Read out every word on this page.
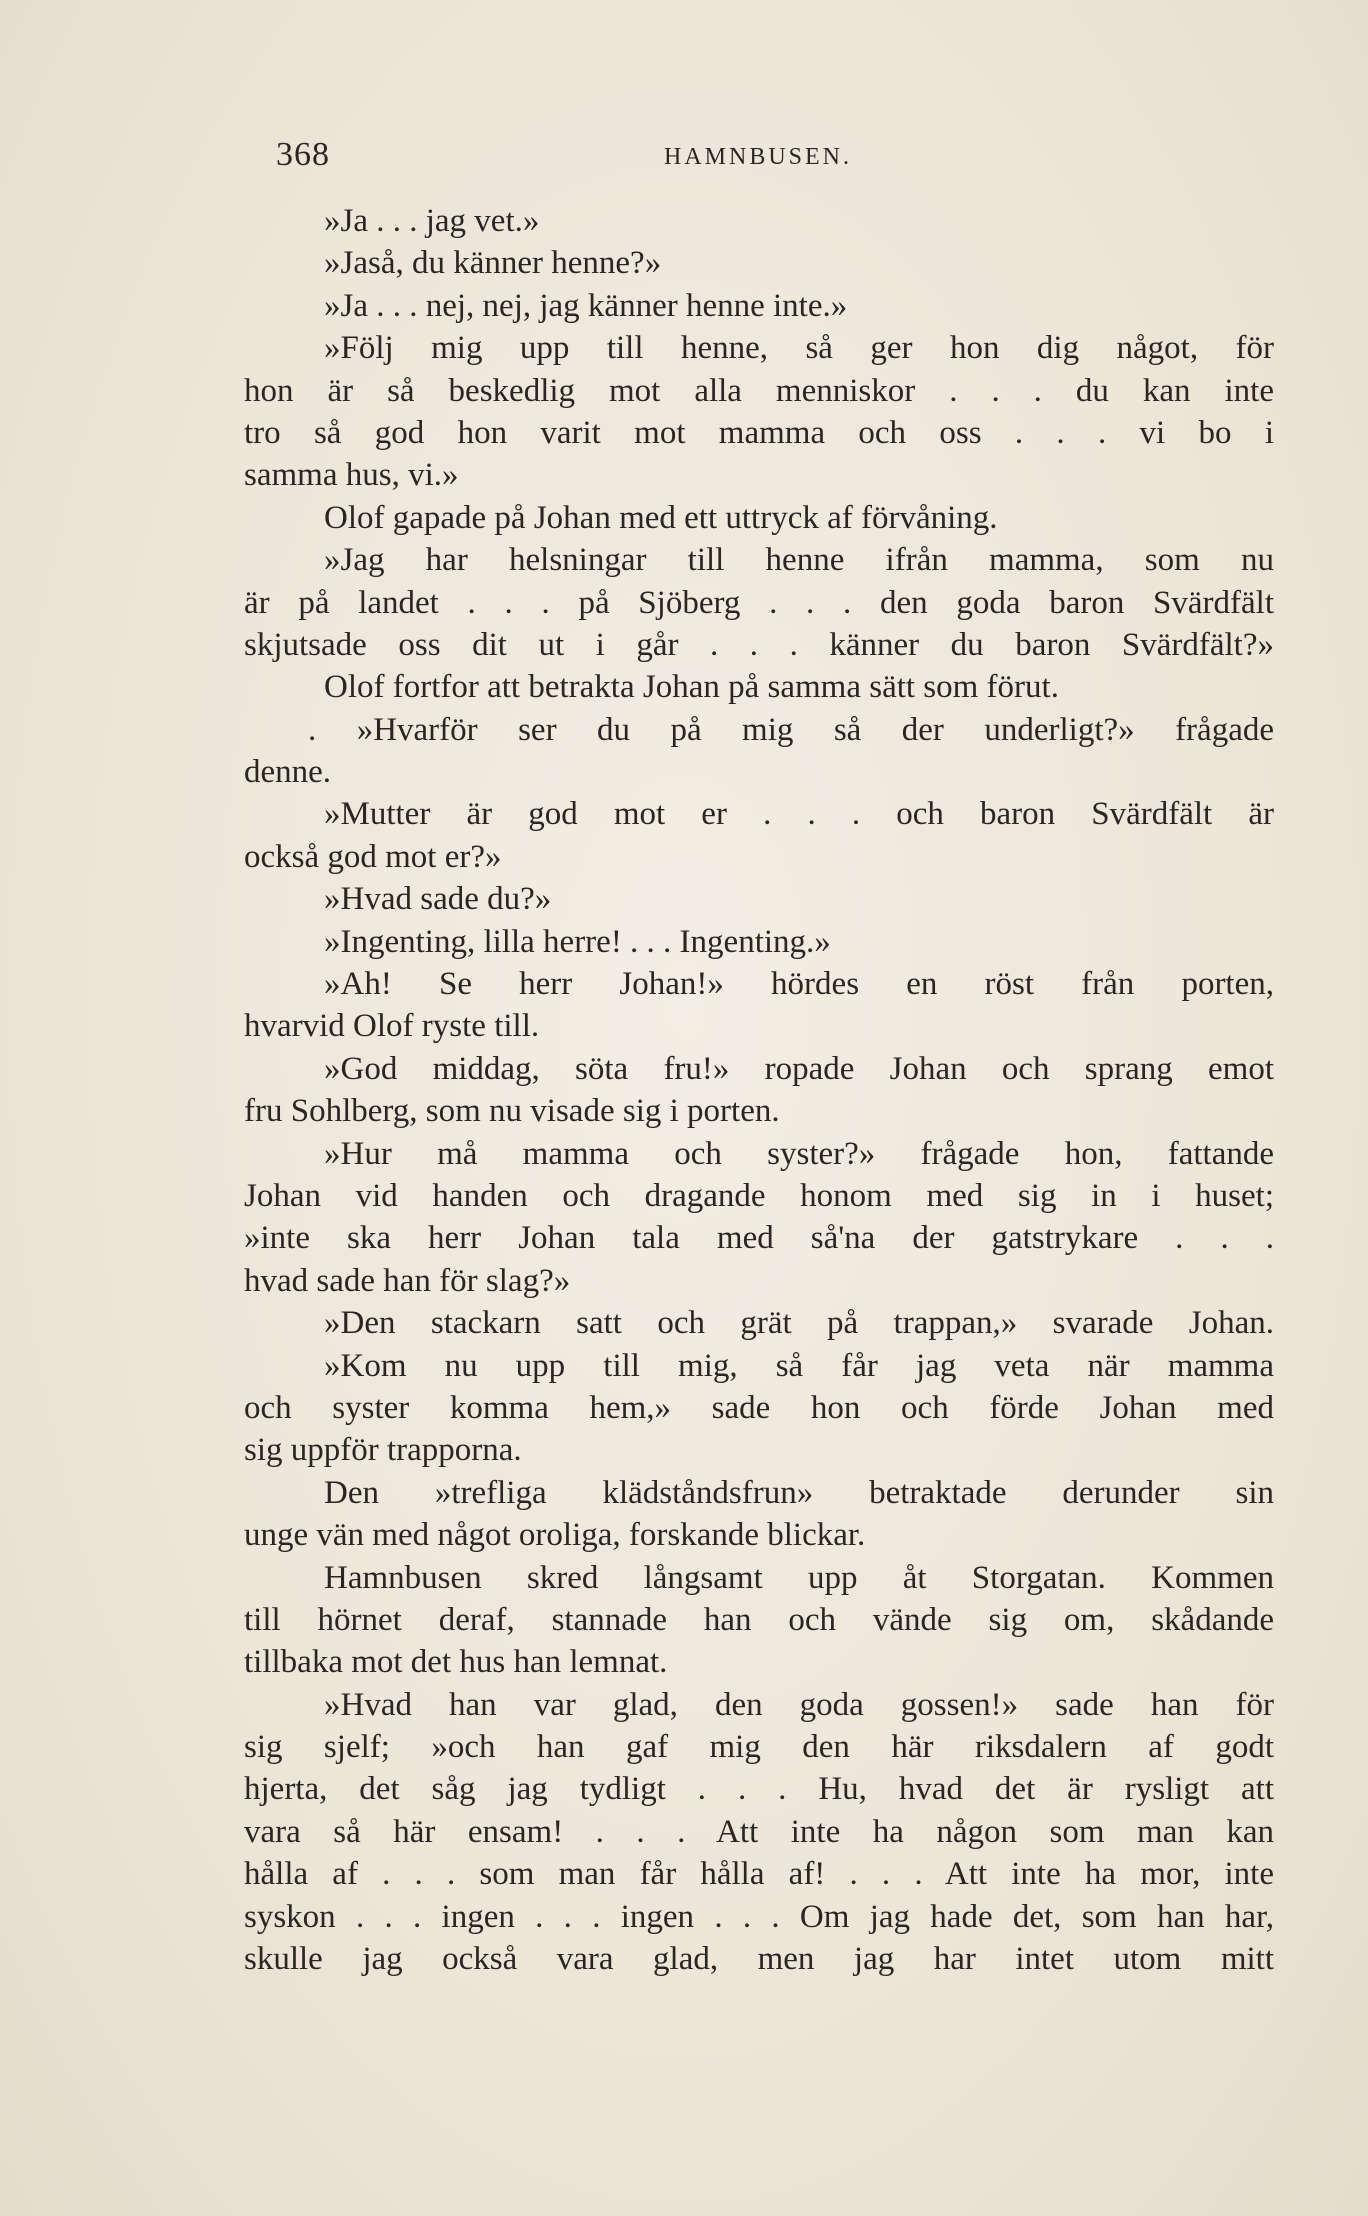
368	HAMNBUSEN.
»Ja . . . jag vet.»
»Jaså, du känner henne?»
»Ja . . . nej, nej, jag känner henne inte.»
»Följ mig upp till henne, så ger hon dig något, för
hon är så beskedlig mot alla menniskor . . . du kan inte
tro så god hon varit mot mamma och oss . . . vi bo i
samma hus, vi.»
Olof gapade på Johan med ett uttryck af förvåning.
»Jag har helsningar till henne ifrån mamma, som nu
är på landet . . . på Sjöberg . . . den goda baron Svärdfält
skjutsade oss dit ut i går . . . känner du baron Svärdfält?»
Olof fortfor att betrakta Johan på samma sätt som förut.
. »Hvarför ser du på mig så der underligt?» frågade
denne.
»Mutter är god mot er . . . och baron Svärdfält är
också god mot er?»
»Hvad sade du?»
»Ingenting, lilla herre! . . . Ingenting.»
»Ah! Se herr Johan!» hördes en röst från porten,
hvarvid Olof ryste till.
»God middag, söta fru!» ropade Johan och sprang emot
fru Sohlberg, som nu visade sig i porten.
»Hur må mamma och syster?» frågade hon, fattande
Johan vid handen och dragande honom med sig in i huset;
»inte ska herr Johan tala med så'na der gatstrykare . . .
hvad sade han för slag?»
»Den stackarn satt och grät på trappan,» svarade Johan.
»Kom nu upp till mig, så får jag veta när mamma
och syster komma hem,» sade hon och förde Johan med
sig uppför trapporna.
Den »trefliga klädståndsfrun» betraktade derunder sin
unge vän med något oroliga, forskande blickar.
Hamnbusen skred långsamt upp åt Storgatan. Kommen
till hörnet deraf, stannade han och vände sig om, skådande
tillbaka mot det hus han lemnat.
»Hvad han var glad, den goda gossen!» sade han för
sig sjelf; »och han gaf mig den här riksdalern af godt
hjerta, det såg jag tydligt . . . Hu, hvad det är rysligt att
vara så här ensam! . . . Att inte ha någon som man kan
hålla af . . . som man får hålla af! . . . Att inte ha mor, inte
syskon . . . ingen . . . ingen . . . Om jag hade det, som han har,
skulle jag också vara glad, men jag har intet utom mitt
